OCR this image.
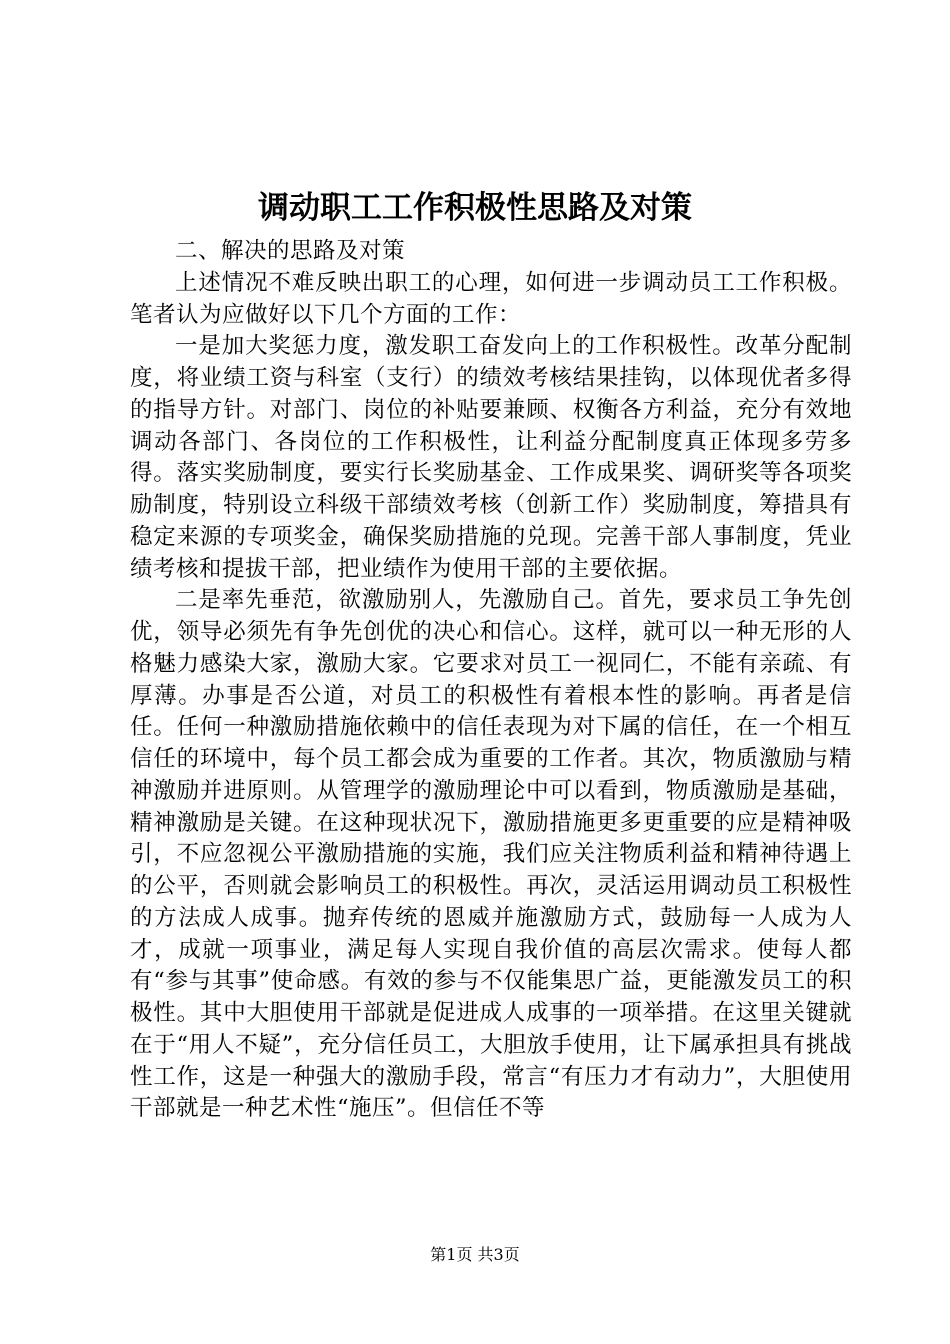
调动职工工作积极性思路及对策

二、解决的思路及对策

上述情况不难反映出职工的心理，如何进一步调动员工工作积极。笔者认为应做好以下几个方面的工作：

一是加大奖惩力度，激发职工奋发向上的工作积极性。改革分配制度，将业绩工资与科室（支行）的绩效考核结果挂钩，以体现优者多得的指导方针。对部门、岗位的补贴要兼顾、权衡各方利益，充分有效地调动各部门、各岗位的工作积极性，让利益分配制度真正体现多劳多得。落实奖励制度，要实行长奖励基金、工作成果奖、调研奖等各项奖励制度，特别设立科级干部绩效考核（创新工作）奖励制度，筹措具有稳定来源的专项奖金，确保奖励措施的兑现。完善干部人事制度，凭业绩考核和提拔干部，把业绩作为使用干部的主要依据。

二是率先垂范，欲激励别人，先激励自己。首先，要求员工争先创优，领导必须先有争先创优的决心和信心。这样，就可以一种无形的人格魅力感染大家，激励大家。它要求对员工一视同仁，不能有亲疏、有厚薄。办事是否公道，对员工的积极性有着根本性的影响。再者是信任。任何一种激励措施依赖中的信任表现为对下属的信任，在一个相互信任的环境中，每个员工都会成为重要的工作者。其次，物质激励与精神激励并进原则。从管理学的激励理论中可以看到，物质激励是基础，精神激励是关键。在这种现状况下，激励措施更多更重要的应是精神吸引，不应忽视公平激励措施的实施，我们应关注物质利益和精神待遇上的公平，否则就会影响员工的积极性。再次，灵活运用调动员工积极性的方法成人成事。抛弃传统的恩威并施激励方式，鼓励每一人成为人才，成就一项事业，满足每人实现自我价值的高层次需求。使每人都有“参与其事”使命感。有效的参与不仅能集思广益，更能激发员工的积极性。其中大胆使用干部就是促进成人成事的一项举措。在这里关键就在于“用人不疑”，充分信任员工，大胆放手使用，让下属承担具有挑战性工作，这是一种强大的激励手段，常言“有压力才有动力”，大胆使用干部就是一种艺术性“施压”。但信任不等

第1页 共3页
